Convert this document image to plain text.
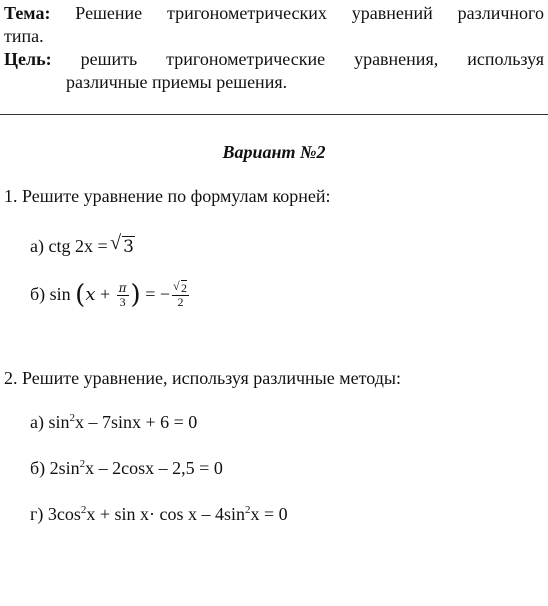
Тема: Решение тригонометрических уравнений различного
типа.
Цель: решить тригонометрические уравнения, используя
различные приемы решения.
Вариант №2
1. Решите уравнение по формулам корней:
а) ctg 2x =
√ 3
б) $\sin (x + \frac{\pi}{3}$ ) = − $\frac{√ 2}{2}$
2. Решите уравнение, используя различные методы:
а) $\sin^2x - 7\sin x + 6 = 0$
б) $2\sin^2x - 2\cos x - 2,5 = 0$
г) $3\cos^2x + \sin x\cdot \cos x - 4\sin^2x = 0$
